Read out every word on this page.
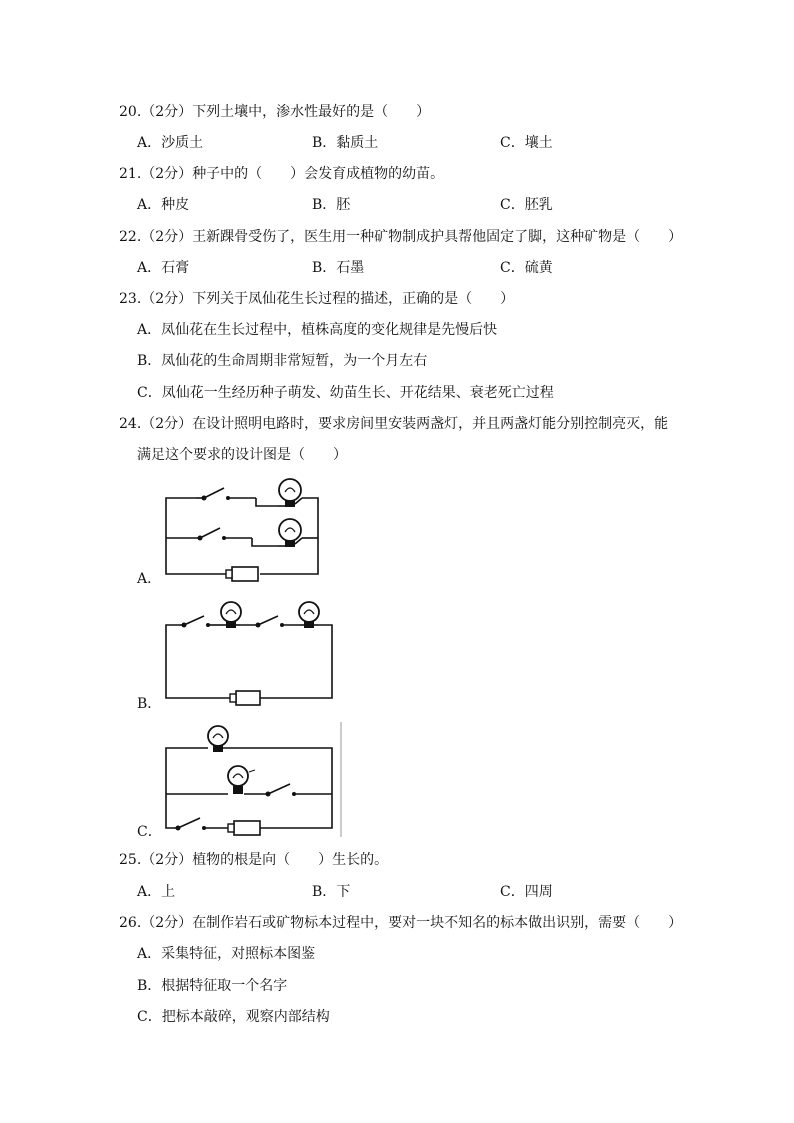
20.（2分）下列土壤中，渗水性最好的是（　　）
A．沙质土	B．黏质土	C．壤土
21.（2分）种子中的（　　）会发育成植物的幼苗。
A．种皮	B．胚	C．胚乳
22.（2分）王新踝骨受伤了，医生用一种矿物制成护具帮他固定了脚，这种矿物是（　　）
A．石膏	B．石墨	C．硫黄
23.（2分）下列关于凤仙花生长过程的描述，正确的是（　　）
A．凤仙花在生长过程中，植株高度的变化规律是先慢后快
B．凤仙花的生命周期非常短暂，为一个月左右
C．凤仙花一生经历种子萌发、幼苗生长、开花结果、衰老死亡过程
24.（2分）在设计照明电路时，要求房间里安装两盏灯，并且两盏灯能分别控制亮灭，能
满足这个要求的设计图是（　　）
A．
B．
C．
25.（2分）植物的根是向（　　）生长的。
A．上	B．下	C．四周
26.（2分）在制作岩石或矿物标本过程中，要对一块不知名的标本做出识别，需要（　　）
A．采集特征，对照标本图鉴
B．根据特征取一个名字
C．把标本敲碎，观察内部结构
